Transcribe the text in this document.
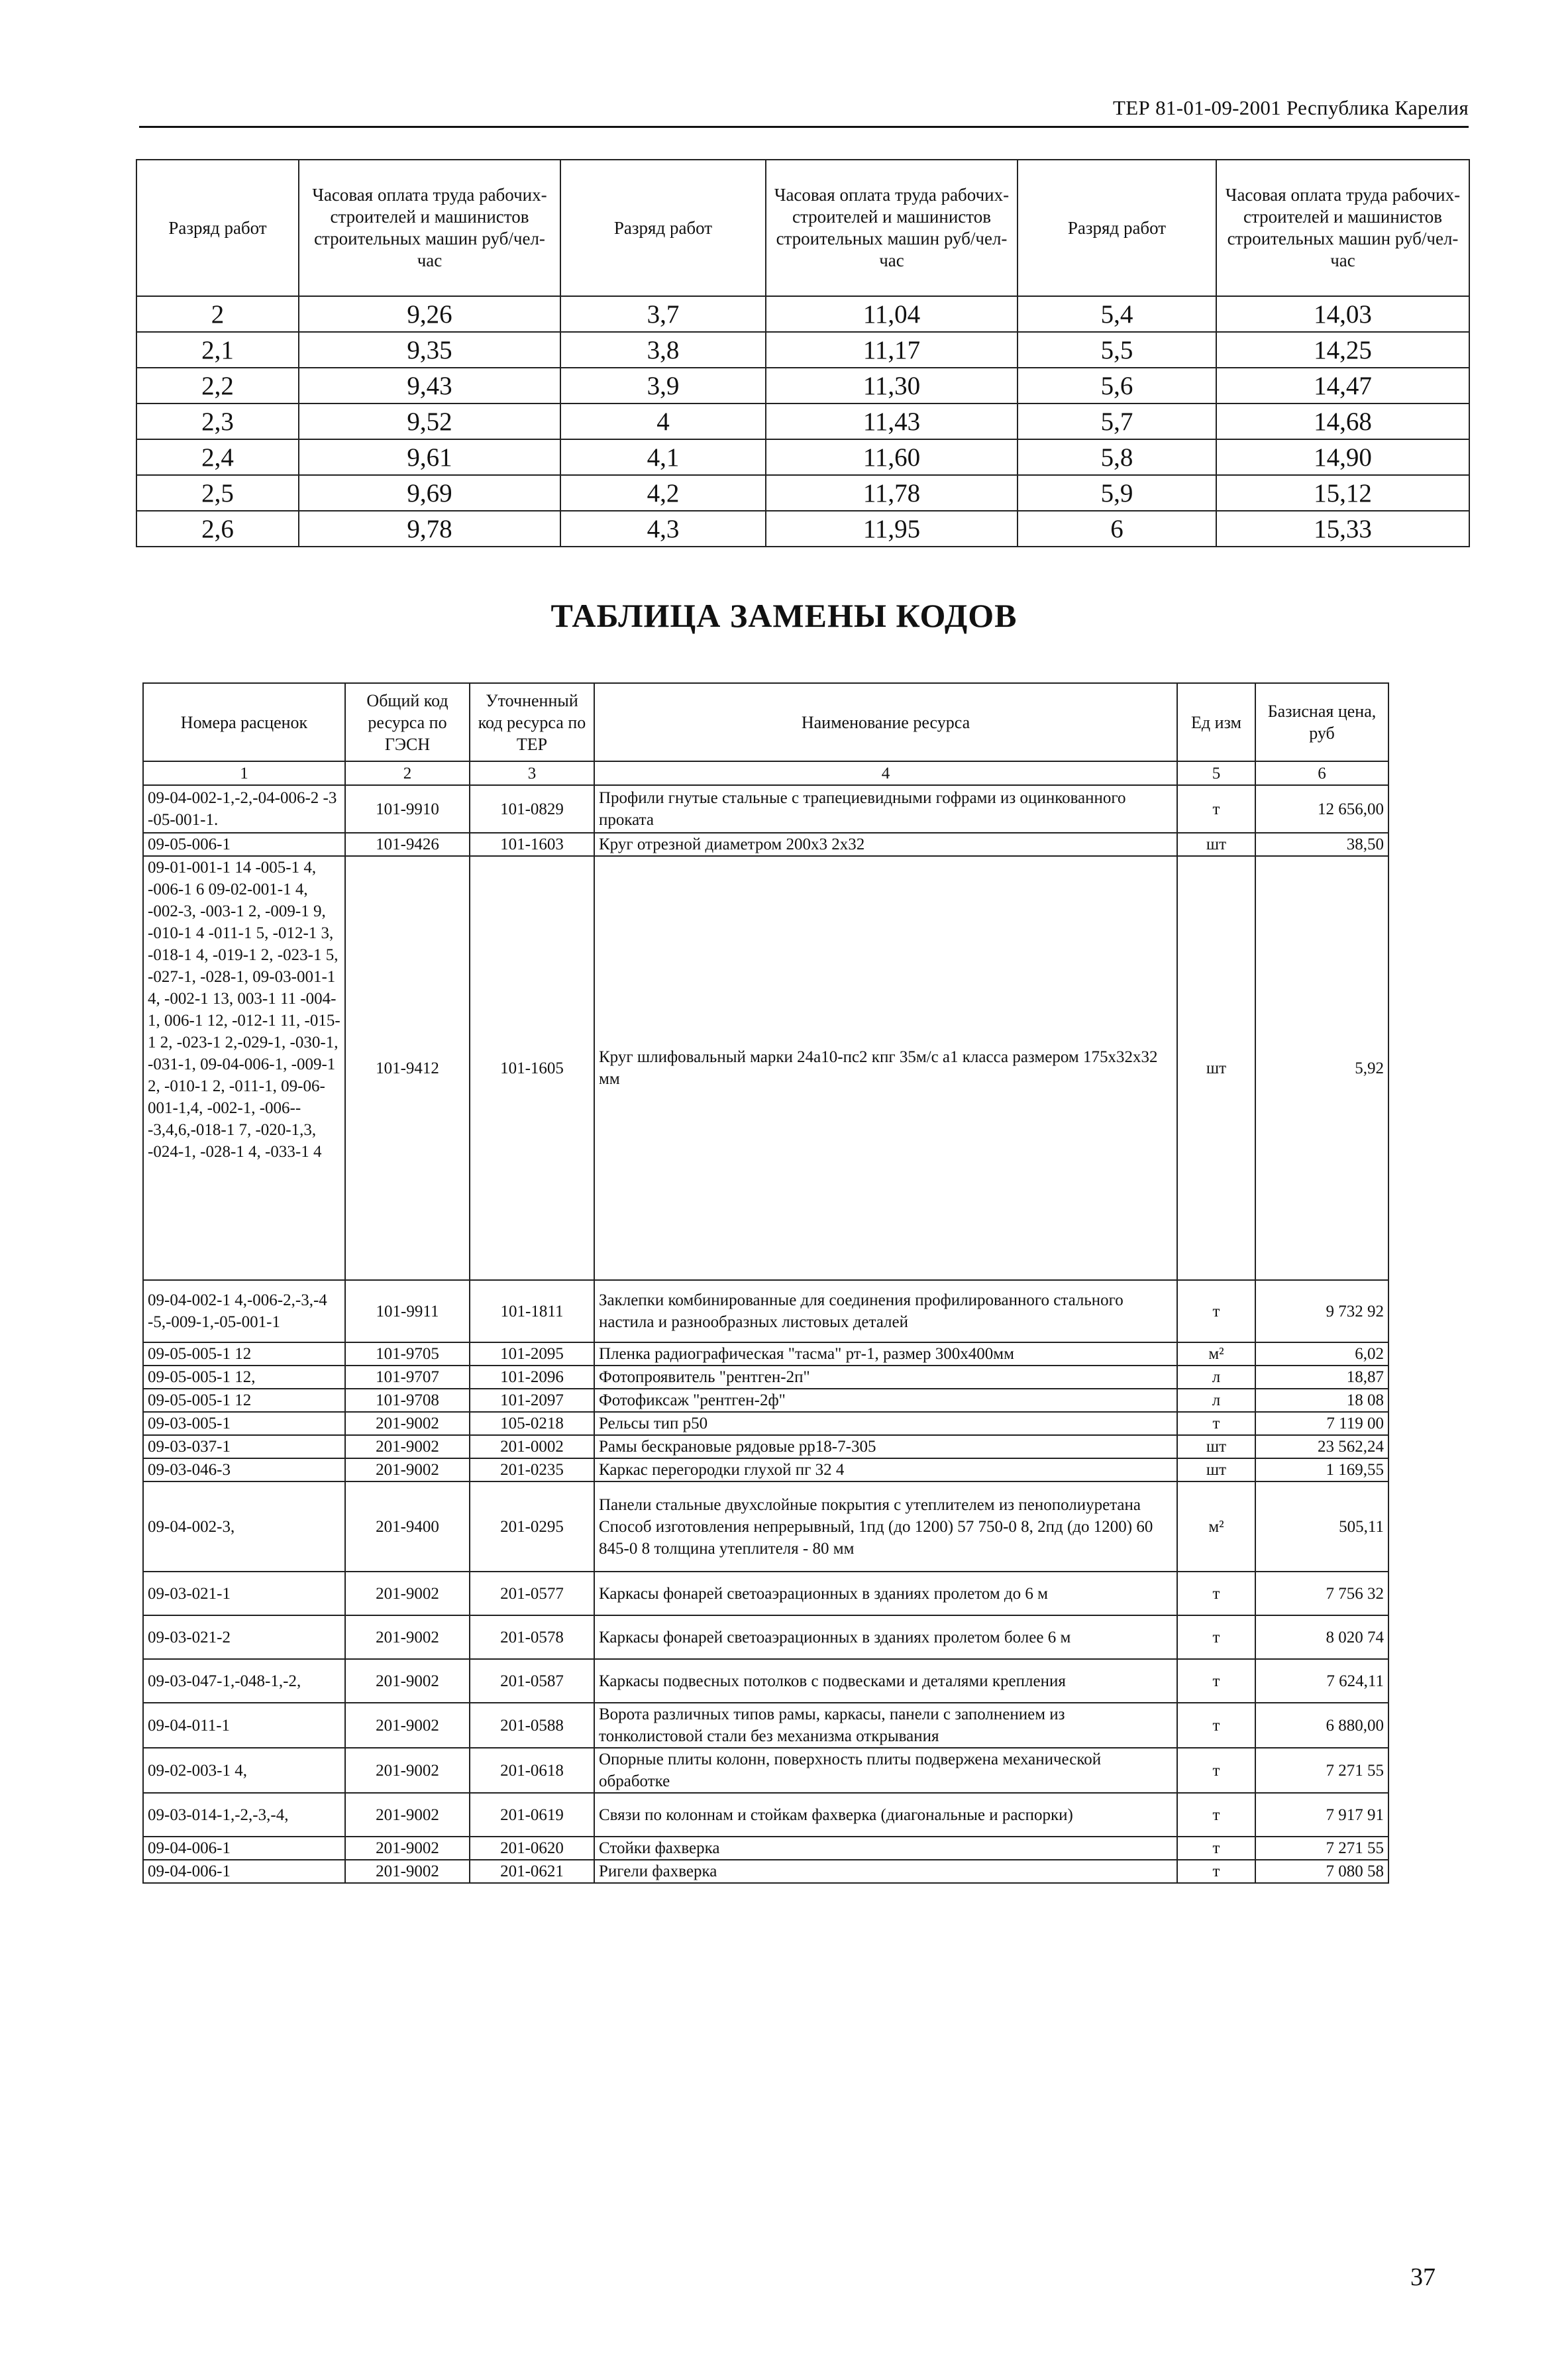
ТЕР 81-01-09-2001 Республика Карелия
Разряд работ	Часовая оплата труда рабочих-строителей и машинистов строительных машин руб/чел-час	Разряд работ	Часовая оплата труда рабочих-строителей и машинистов строительных машин руб/чел-час	Разряд работ	Часовая оплата труда рабочих-строителей и машинистов строительных машин руб/чел-час
2	9,26	3,7	11,04	5,4	14,03
2,1	9,35	3,8	11,17	5,5	14,25
2,2	9,43	3,9	11,30	5,6	14,47
2,3	9,52	4	11,43	5,7	14,68
2,4	9,61	4,1	11,60	5,8	14,90
2,5	9,69	4,2	11,78	5,9	15,12
2,6	9,78	4,3	11,95	6	15,33
ТАБЛИЦА ЗАМЕНЫ КОДОВ
Номера расценок	Общий код ресурса по ГЭСН	Уточненный код ресурса по ТЕР	Наименование ресурса	Ед изм	Базисная цена, руб
1	2	3	4	5	6
09-04-002-1,-2,-04-006-2 -3 -05-001-1.	101-9910	101-0829	Профили гнутые стальные с трапециевидными гофрами из оцинкованного проката	т	12 656,00
09-05-006-1	101-9426	101-1603	Круг отрезной диаметром 200х3 2х32	шт	38,50
09-01-001-1 14 -005-1 4, -006-1 6 09-02-001-1 4, -002-3, -003-1 2, -009-1 9, -010-1 4 -011-1 5, -012-1 3, -018-1 4, -019-1 2, -023-1 5, -027-1, -028-1, 09-03-001-1 4, -002-1 13, 003-1 11 -004-1, 006-1 12, -012-1 11, -015-1 2, -023-1 2,-029-1, -030-1, -031-1, 09-04-006-1, -009-1 2, -010-1 2, -011-1, 09-06-001-1,4, -002-1, -006---3,4,6,-018-1 7, -020-1,3, -024-1, -028-1 4, -033-1 4	101-9412	101-1605	Круг шлифовальный марки 24а10-пс2 кпг 35м/с а1 класса размером 175х32х32 мм	шт	5,92
09-04-002-1 4,-006-2,-3,-4 -5,-009-1,-05-001-1	101-9911	101-1811	Заклепки комбинированные для соединения профилированного стального настила и разнообразных листовых деталей	т	9 732 92
09-05-005-1 12	101-9705	101-2095	Пленка радиографическая "тасма" рт-1, размер 300х400мм	м²	6,02
09-05-005-1 12,	101-9707	101-2096	Фотопроявитель "рентген-2п"	л	18,87
09-05-005-1 12	101-9708	101-2097	Фотофиксаж "рентген-2ф"	л	18 08
09-03-005-1	201-9002	105-0218	Рельсы тип р50	т	7 119 00
09-03-037-1	201-9002	201-0002	Рамы бескрановые рядовые рр18-7-305	шт	23 562,24
09-03-046-3	201-9002	201-0235	Каркас перегородки глухой пг 32 4	шт	1 169,55
09-04-002-3,	201-9400	201-0295	Панели стальные двухслойные покрытия с утеплителем из пенополиуретана Способ изготовления непрерывный, 1пд (до 1200) 57 750-0 8, 2пд (до 1200) 60 845-0 8 толщина утеплителя - 80 мм	м²	505,11
09-03-021-1	201-9002	201-0577	Каркасы фонарей светоаэрационных в зданиях пролетом до 6 м	т	7 756 32
09-03-021-2	201-9002	201-0578	Каркасы фонарей светоаэрационных в зданиях пролетом более 6 м	т	8 020 74
09-03-047-1,-048-1,-2,	201-9002	201-0587	Каркасы подвесных потолков с подвесками и деталями крепления	т	7 624,11
09-04-011-1	201-9002	201-0588	Ворота различных типов рамы, каркасы, панели с заполнением из тонколистовой стали без механизма открывания	т	6 880,00
09-02-003-1 4,	201-9002	201-0618	Опорные плиты колонн, поверхность плиты подвержена механической обработке	т	7 271 55
09-03-014-1,-2,-3,-4,	201-9002	201-0619	Связи по колоннам и стойкам фахверка (диагональные и распорки)	т	7 917 91
09-04-006-1	201-9002	201-0620	Стойки фахверка	т	7 271 55
09-04-006-1	201-9002	201-0621	Ригели фахверка	т	7 080 58
37
